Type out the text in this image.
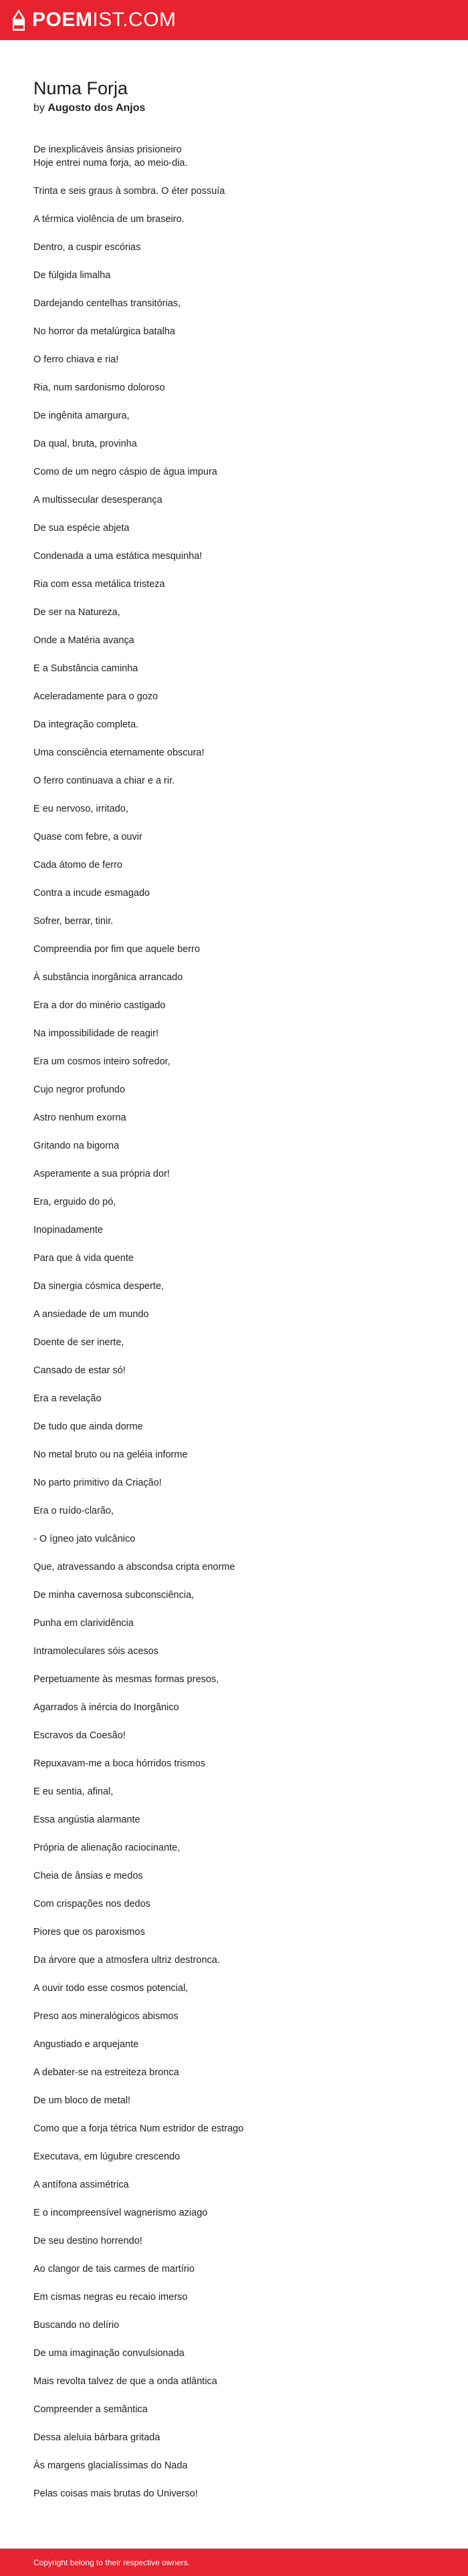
POEMIST.COM
Numa Forja
by Augosto dos Anjos

De inexplicáveis ânsias prisioneiro
Hoje entrei numa forja, ao meio-dia.

Trinta e seis graus à sombra. O éter possuía

A térmica violência de um braseiro.

Dentro, a cuspir escórias

De fúlgida limalha

Dardejando centelhas transitórias,

No horror da metalúrgica batalha

O ferro chiava e ria!

Ria, num sardonismo doloroso

De ingênita amargura,

Da qual, bruta, provinha

Como de um negro cáspio de água impura

A multissecular desesperança

De sua espécie abjeta

Condenada a uma estática mesquinha!

Ria com essa metálica tristeza

De ser na Natureza,

Onde a Matéria avança

E a Substância caminha

Aceleradamente para o gozo

Da integração completa.

Uma consciência eternamente obscura!

O ferro continuava a chiar e a rir.

E eu nervoso, irritado,

Quase com febre, a ouvir

Cada átomo de ferro

Contra a incude esmagado

Sofrer, berrar, tinir.

Compreendia por fim que aquele berro

À substância inorgânica arrancado

Era a dor do minério castigado

Na impossibilidade de reagir!

Era um cosmos inteiro sofredor,

Cujo negror profundo

Astro nenhum exorna

Gritando na bigorna

Asperamente a sua própria dor!

Era, erguido do pó,

Inopinadamente

Para que à vida quente

Da sinergia cósmica desperte,

A ansiedade de um mundo

Doente de ser inerte,

Cansado de estar só!

Era a revelação

De tudo que ainda dorme

No metal bruto ou na geléia informe

No parto primitivo da Criação!

Era o ruído-clarão,

- O ígneo jato vulcânico

Que, atravessando a abscondsa cripta enorme

De minha cavernosa subconsciência,

Punha em clarividência

Intramoleculares sóis acesos

Perpetuamente às mesmas formas presos,

Agarrados à inércia do Inorgânico

Escravos da Coesão!

Repuxavam-me a boca hórridos trismos

E eu sentia, afinal,

Essa angústia alarmante

Própria de alienação raciocinante,

Cheia de ânsias e medos

Com crispações nos dedos

Piores que os paroxismos

Da árvore que a atmosfera ultriz destronca.

A ouvir todo esse cosmos potencial,

Preso aos mineralógicos abismos

Angustiado e arquejante

A debater-se na estreiteza bronca

De um bloco de metal!

Como que a forja tétrica Num estridor de estrago

Executava, em lúgubre crescendo

A antífona assimétrica

E o incompreensível wagnerismo aziago

De seu destino horrendo!

Ao clangor de tais carmes de martírio

Em cismas negras eu recaio imerso

Buscando no delírio

De uma imaginação convulsionada

Mais revolta talvez de que a onda atlântica

Compreender a semântica

Dessa aleluia bárbara gritada

Às margens glacialíssimas do Nada

Pelas coisas mais brutas do Universo!

Copyright belong to their respective owners.
